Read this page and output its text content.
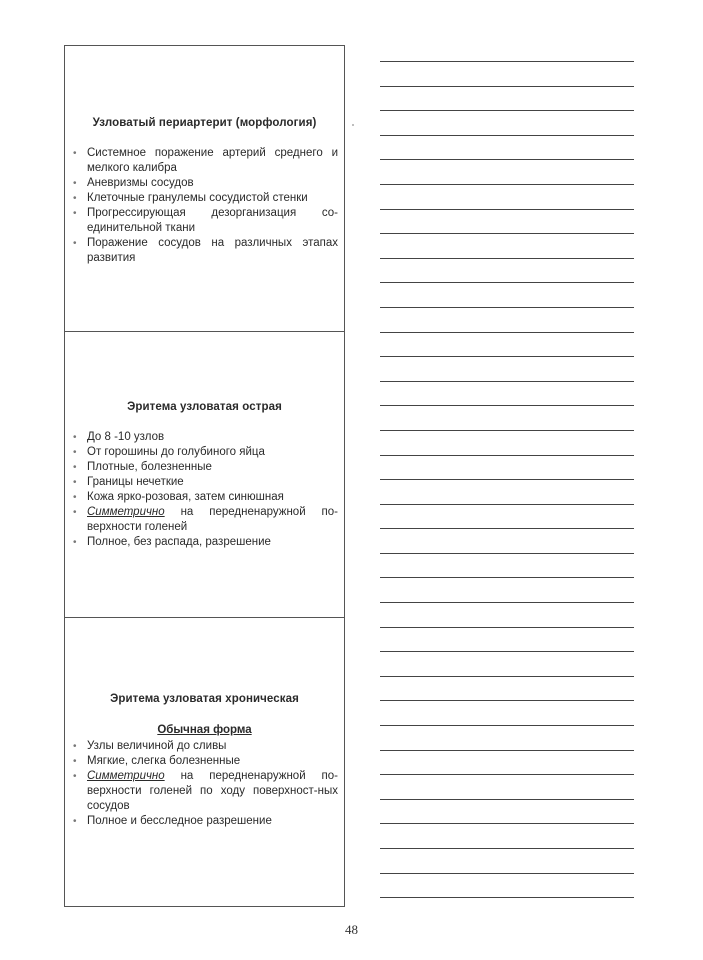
Узловатый периартерит (морфология)
• Системное поражение артерий среднего и мелкого калибра
• Аневризмы сосудов
• Клеточные гранулемы сосудистой стенки
• Прогрессирующая дезорганизация со-единительной ткани
• Поражение сосудов на различных этапах развития
Эритема узловатая острая
• До 8 -10 узлов
• От горошины до голубиного яйца
• Плотные, болезненные
• Границы нечеткие
• Кожа ярко-розовая, затем синюшная
• Симметрично на передненаружной по-верхности голеней
• Полное, без распада, разрешение
Эритема узловатая хроническая
Обычная форма
• Узлы величиной до сливы
• Мягкие, слегка болезненные
• Симметрично на передненаружной по-верхности голеней по ходу поверхност-ных сосудов
• Полное и бесследное разрешение
48
